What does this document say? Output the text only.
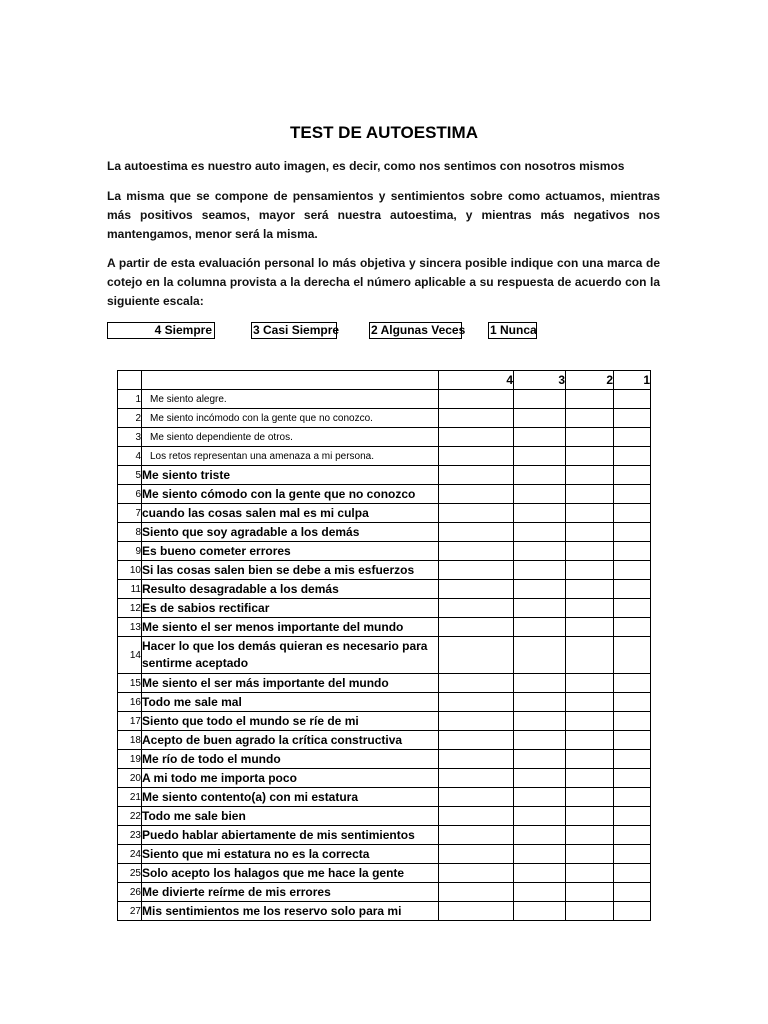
TEST DE AUTOESTIMA
La autoestima es nuestro auto imagen, es decir, como nos sentimos con nosotros mismos
La misma que se compone de pensamientos y sentimientos sobre como actuamos, mientras más positivos seamos, mayor será nuestra autoestima, y mientras más negativos nos mantengamos, menor será la misma.
A partir de esta evaluación personal lo más objetiva y sincera posible indique con una marca de cotejo en la columna provista a la derecha el número aplicable a su respuesta de acuerdo con la siguiente escala:
4 Siempre	3 Casi Siempre	2 Algunas Veces 1 Nunca
		4	3	2	1
1	Me siento alegre.				
2	Me siento incómodo con la gente que no conozco.				
3	Me siento dependiente de otros.				
4	Los retos representan una amenaza a mi persona.				
5	Me siento triste				
6	Me siento cómodo con la gente que no conozco				
7	cuando las cosas salen mal es mi culpa				
8	Siento que soy agradable a los demás				
9	Es bueno cometer errores				
10	Si las cosas salen bien se debe a mis esfuerzos				
11	Resulto desagradable a los demás				
12	Es de sabios rectificar				
13	Me siento el ser menos importante del mundo				
14	Hacer lo que los demás quieran es necesario para sentirme aceptado				
15	Me siento el ser más importante del mundo				
16	Todo me sale mal				
17	Siento que todo el mundo se ríe de mi				
18	Acepto de buen agrado la crítica constructiva				
19	Me río de todo el mundo				
20	A mi todo me importa poco				
21	Me siento contento(a) con mi estatura				
22	Todo me sale bien				
23	Puedo hablar abiertamente de mis sentimientos				
24	Siento que mi estatura no es la correcta				
25	Solo acepto los halagos que me hace la gente				
26	Me divierte reírme de mis errores				
27	Mis sentimientos me los reservo solo para mi				
